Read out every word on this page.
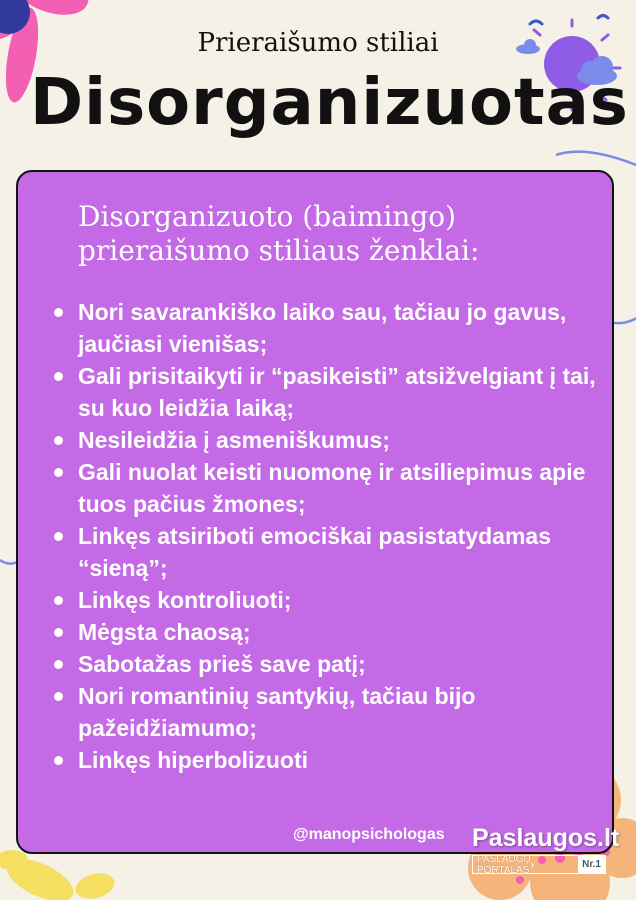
Prieraišumo stiliai
Disorganizuotas
Disorganizuoto (baimingo) prieraišumo stiliaus ženklai:
Nori savarankiško laiko sau, tačiau jo gavus, jaučiasi vienišas;
Gali prisitaikyti ir “pasikeisti” atsižvelgiant į tai, su kuo leidžia laiką;
Nesileidžia į asmeniškumus;
Gali nuolat keisti nuomonę ir atsiliepimus apie tuos pačius žmones;
Linkęs atsiriboti emociškai pasistatydamas “sieną”;
Linkęs kontroliuoti;
Mėgsta chaosą;
Sabotažas prieš save patį;
Nori romantinių santykių, tačiau bijo pažeidžiamumo;
Linkęs hiperbolizuoti
@manopsichologas Paslaugos.lt
PASLAUGŲ PORTALAS	Nr.1
